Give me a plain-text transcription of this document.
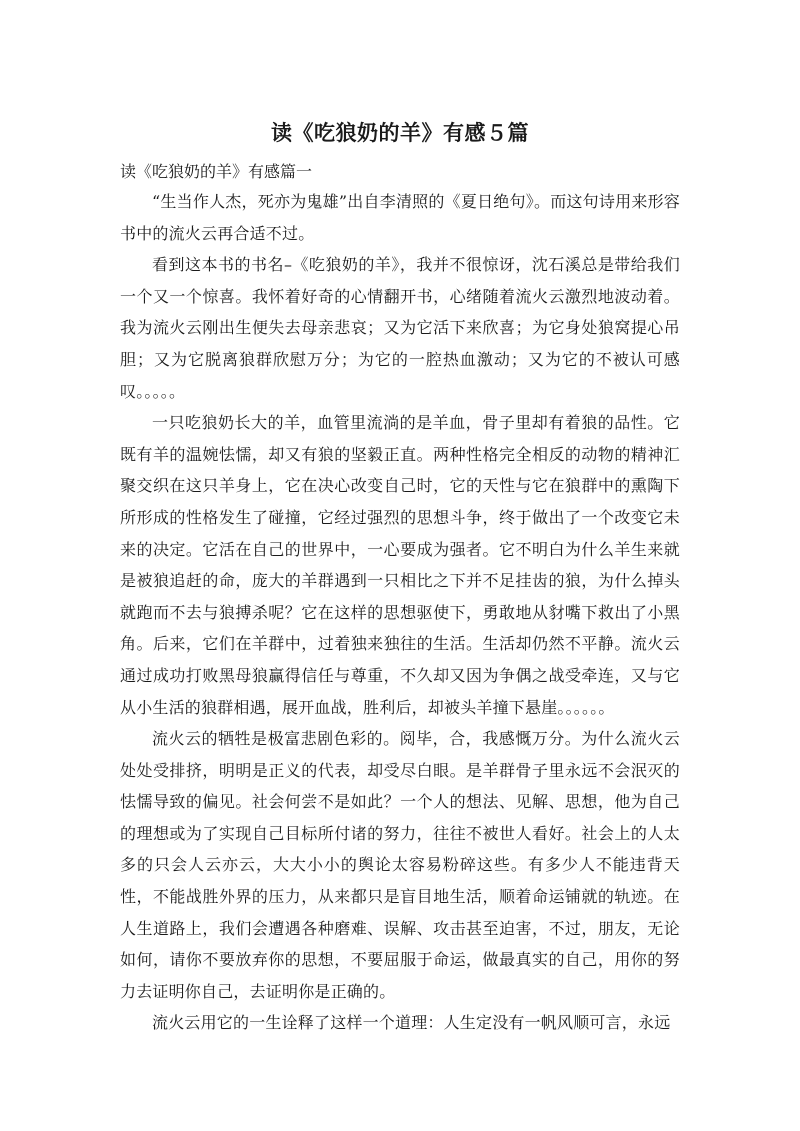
读《吃狼奶的羊》有感５篇
读《吃狼奶的羊》有感篇一

“生当作人杰，死亦为鬼雄”出自李清照的《夏日绝句》。而这句诗用来形容书中的流火云再合适不过。

看到这本书的书名–《吃狼奶的羊》，我并不很惊讶，沈石溪总是带给我们一个又一个惊喜。我怀着好奇的心情翻开书，心绪随着流火云激烈地波动着。我为流火云刚出生便失去母亲悲哀；又为它活下来欣喜；为它身处狼窝提心吊胆；又为它脱离狼群欣慰万分；为它的一腔热血激动；又为它的不被认可感叹。。。。。

一只吃狼奶长大的羊，血管里流淌的是羊血，骨子里却有着狼的品性。它既有羊的温婉怯懦，却又有狼的坚毅正直。两种性格完全相反的动物的精神汇聚交织在这只羊身上，它在决心改变自己时，它的天性与它在狼群中的熏陶下所形成的性格发生了碰撞，它经过强烈的思想斗争，终于做出了一个改变它未来的决定。它活在自己的世界中，一心要成为强者。它不明白为什么羊生来就是被狼追赶的命，庞大的羊群遇到一只相比之下并不足挂齿的狼，为什么掉头就跑而不去与狼搏杀呢？它在这样的思想驱使下，勇敢地从豺嘴下救出了小黑角。后来，它们在羊群中，过着独来独往的生活。生活却仍然不平静。流火云通过成功打败黑母狼赢得信任与尊重，不久却又因为争偶之战受牵连，又与它从小生活的狼群相遇，展开血战，胜利后，却被头羊撞下悬崖。。。。。。

流火云的牺牲是极富悲剧色彩的。阅毕，合，我感慨万分。为什么流火云处处受排挤，明明是正义的代表，却受尽白眼。是羊群骨子里永远不会泯灭的怯懦导致的偏见。社会何尝不是如此？一个人的想法、见解、思想，他为自己的理想或为了实现自己目标所付诸的努力，往往不被世人看好。社会上的人太多的只会人云亦云，大大小小的舆论太容易粉碎这些。有多少人不能违背天性，不能战胜外界的压力，从来都只是盲目地生活，顺着命运铺就的轨迹。在人生道路上，我们会遭遇各种磨难、误解、攻击甚至迫害，不过，朋友，无论如何，请你不要放弃你的思想，不要屈服于命运，做最真实的自己，用你的努力去证明你自己，去证明你是正确的。

流火云用它的一生诠释了这样一个道理：人生定没有一帆风顺可言，永远
